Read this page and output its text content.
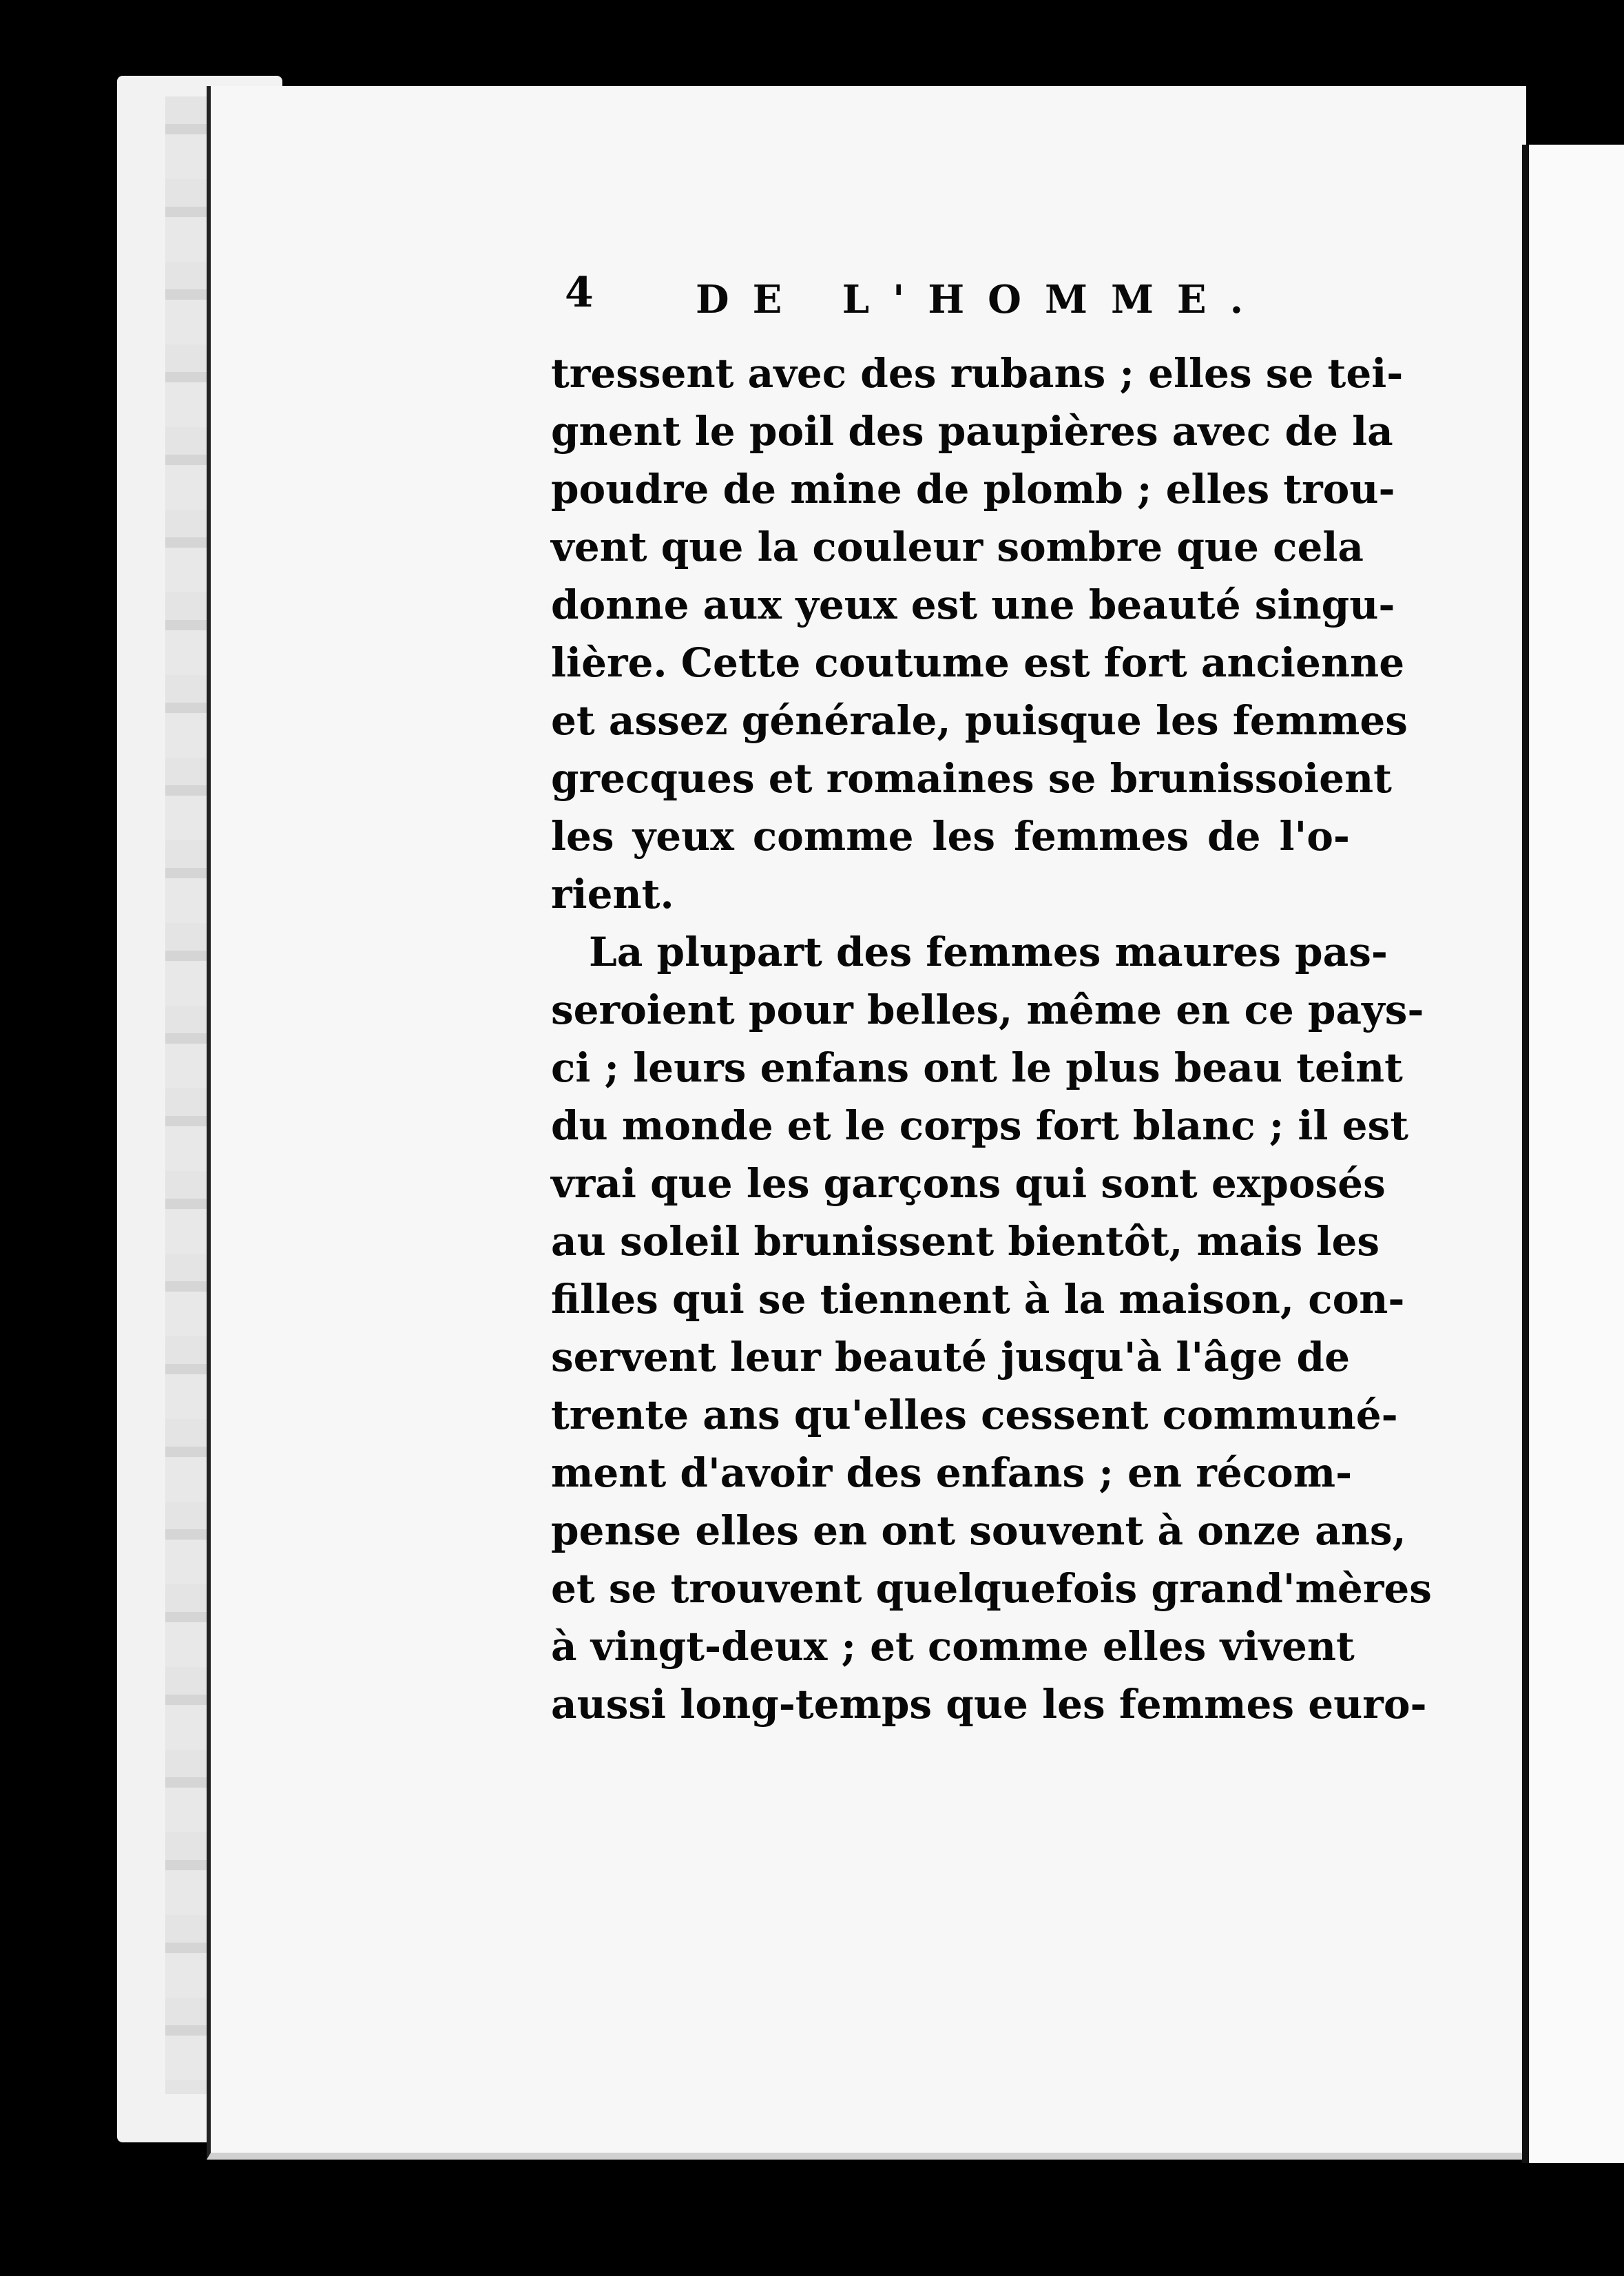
4	DE L'HOMME.
tressent avec des rubans ; elles se tei-
gnent le poil des paupières avec de la
poudre de mine de plomb ; elles trou-
vent que la couleur sombre que cela
donne aux yeux est une beauté singu-
lière. Cette coutume est fort ancienne
et assez générale, puisque les femmes
grecques et romaines se brunissoient
les yeux comme les femmes de l'o-
rient.
La plupart des femmes maures pas-
seroient pour belles, même en ce pays-
ci ; leurs enfans ont le plus beau teint
du monde et le corps fort blanc ; il est
vrai que les garçons qui sont exposés
au soleil brunissent bientôt, mais les
filles qui se tiennent à la maison, con-
servent leur beauté jusqu'à l'âge de
trente ans qu'elles cessent communé-
ment d'avoir des enfans ; en récom-
pense elles en ont souvent à onze ans,
et se trouvent quelquefois grand'mères
à vingt-deux ; et comme elles vivent
aussi long-temps que les femmes euro-
